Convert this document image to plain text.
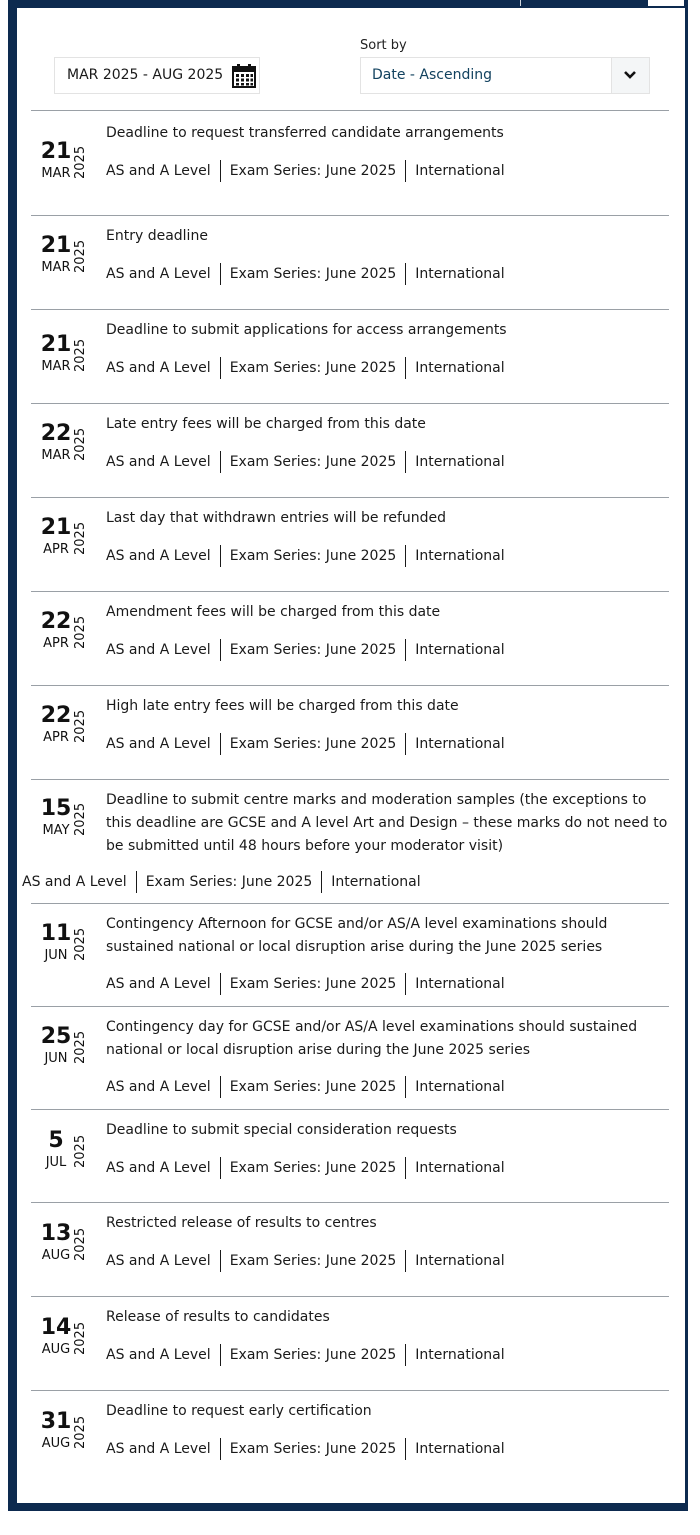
MAR 2025 - AUG 2025
Sort by
Date - Ascending
21
MAR 2025
Deadline to request transferred candidate arrangements
AS and A Level Exam Series: June 2025 International
21
MAR 2025
Entry deadline
AS and A Level Exam Series: June 2025 International
21
MAR 2025
Deadline to submit applications for access arrangements
AS and A Level Exam Series: June 2025 International
22
MAR 2025
Late entry fees will be charged from this date
AS and A Level Exam Series: June 2025 International
21
APR 2025
Last day that withdrawn entries will be refunded
AS and A Level Exam Series: June 2025 International
22
APR 2025
Amendment fees will be charged from this date
AS and A Level Exam Series: June 2025 International
22
APR 2025
High late entry fees will be charged from this date
AS and A Level Exam Series: June 2025 International
15
MAY 2025
Deadline to submit centre marks and moderation samples (the exceptions to this deadline are GCSE and A level Art and Design – these marks do not need to be submitted until 48 hours before your moderator visit)
AS and A Level Exam Series: June 2025 International
11
JUN 2025
Contingency Afternoon for GCSE and/or AS/A level examinations should sustained national or local disruption arise during the June 2025 series
AS and A Level Exam Series: June 2025 International
25
JUN 2025
Contingency day for GCSE and/or AS/A level examinations should sustained national or local disruption arise during the June 2025 series
AS and A Level Exam Series: June 2025 International
5
JUL 2025
Deadline to submit special consideration requests
AS and A Level Exam Series: June 2025 International
13
AUG 2025
Restricted release of results to centres
AS and A Level Exam Series: June 2025 International
14
AUG 2025
Release of results to candidates
AS and A Level Exam Series: June 2025 International
31
AUG 2025
Deadline to request early certification
AS and A Level Exam Series: June 2025 International
